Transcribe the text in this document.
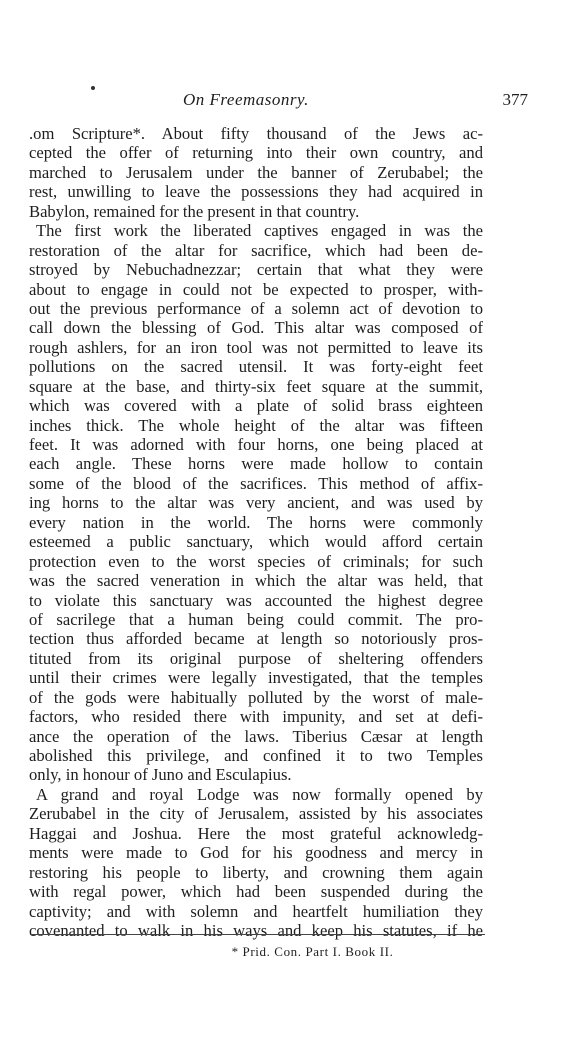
On Freemasonry.	377
.om Scripture*. About fifty thousand of the Jews ac-
cepted the offer of returning into their own country, and
marched to Jerusalem under the banner of Zerubabel; the
rest, unwilling to leave the possessions they had acquired in
Babylon, remained for the present in that country.
The first work the liberated captives engaged in was the
restoration of the altar for sacrifice, which had been de-
stroyed by Nebuchadnezzar; certain that what they were
about to engage in could not be expected to prosper, with-
out the previous performance of a solemn act of devotion to
call down the blessing of God. This altar was composed of
rough ashlers, for an iron tool was not permitted to leave its
pollutions on the sacred utensil. It was forty-eight feet
square at the base, and thirty-six feet square at the summit,
which was covered with a plate of solid brass eighteen
inches thick. The whole height of the altar was fifteen
feet. It was adorned with four horns, one being placed at
each angle. These horns were made hollow to contain
some of the blood of the sacrifices. This method of affix-
ing horns to the altar was very ancient, and was used by
every nation in the world. The horns were commonly
esteemed a public sanctuary, which would afford certain
protection even to the worst species of criminals; for such
was the sacred veneration in which the altar was held, that
to violate this sanctuary was accounted the highest degree
of sacrilege that a human being could commit. The pro-
tection thus afforded became at length so notoriously pros-
tituted from its original purpose of sheltering offenders
until their crimes were legally investigated, that the temples
of the gods were habitually polluted by the worst of male-
factors, who resided there with impunity, and set at defi-
ance the operation of the laws. Tiberius Cæsar at length
abolished this privilege, and confined it to two Temples
only, in honour of Juno and Esculapius.
A grand and royal Lodge was now formally opened by
Zerubabel in the city of Jerusalem, assisted by his associates
Haggai and Joshua. Here the most grateful acknowledg-
ments were made to God for his goodness and mercy in
restoring his people to liberty, and crowning them again
with regal power, which had been suspended during the
captivity; and with solemn and heartfelt humiliation they
covenanted to walk in his ways and keep his statutes, if he
* Prid. Con. Part I. Book II.
